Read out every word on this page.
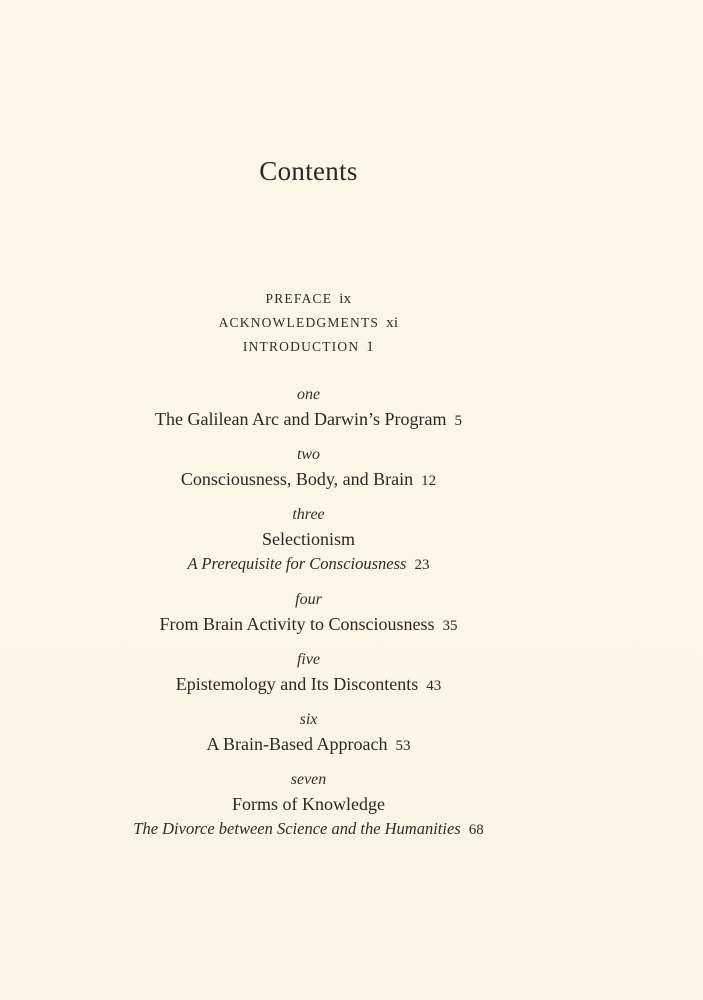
Contents
PREFACE ix
ACKNOWLEDGMENTS xi
INTRODUCTION 1
one
The Galilean Arc and Darwin’s Program 5
two
Consciousness, Body, and Brain 12
three
Selectionism
A Prerequisite for Consciousness 23
four
From Brain Activity to Consciousness 35
five
Epistemology and Its Discontents 43
six
A Brain-Based Approach 53
seven
Forms of Knowledge
The Divorce between Science and the Humanities 68
